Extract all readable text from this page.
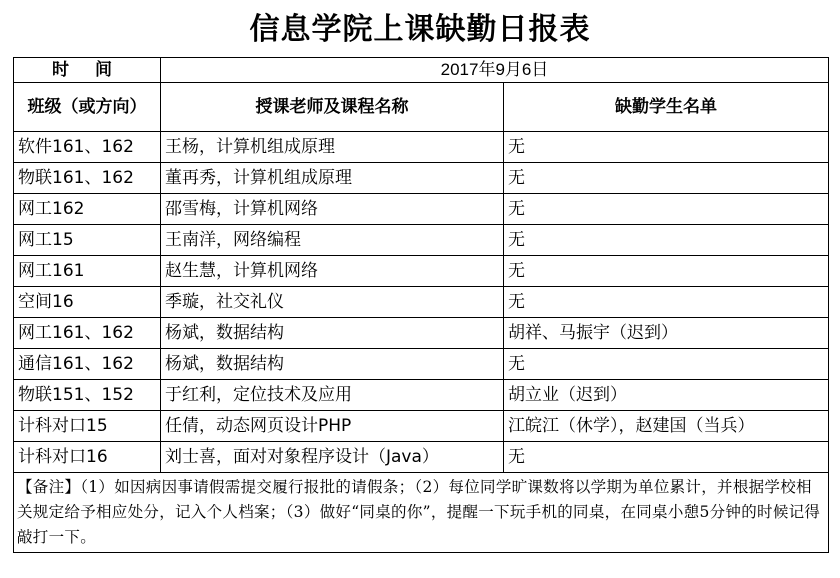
信息学院上课缺勤日报表
时 间	2017年9月6日	
班级（或方向）	授课老师及课程名称	缺勤学生名单
软件161、162	王杨，计算机组成原理	无
物联161、162	董再秀，计算机组成原理	无
网工162	邵雪梅，计算机网络	无
网工15	王南洋，网络编程	无
网工161	赵生慧，计算机网络	无
空间16	季璇，社交礼仪	无
网工161、162	杨斌，数据结构	胡祥、马振宇（迟到）
通信161、162	杨斌，数据结构	无
物联151、152	于红利，定位技术及应用	胡立业（迟到）
计科对口15	任倩，动态网页设计PHP	江皖江（休学），赵建国（当兵）
计科对口16	刘士喜，面对对象程序设计（Java）	无
【备注】（1）如因病因事请假需提交履行报批的请假条；（2）每位同学旷课数将以学期为单位累计，并根据学校相关规定给予相应处分，记入个人档案；（3）做好“同桌的你”，提醒一下玩手机的同桌，在同桌小憩5分钟的时候记得敲打一下。		
